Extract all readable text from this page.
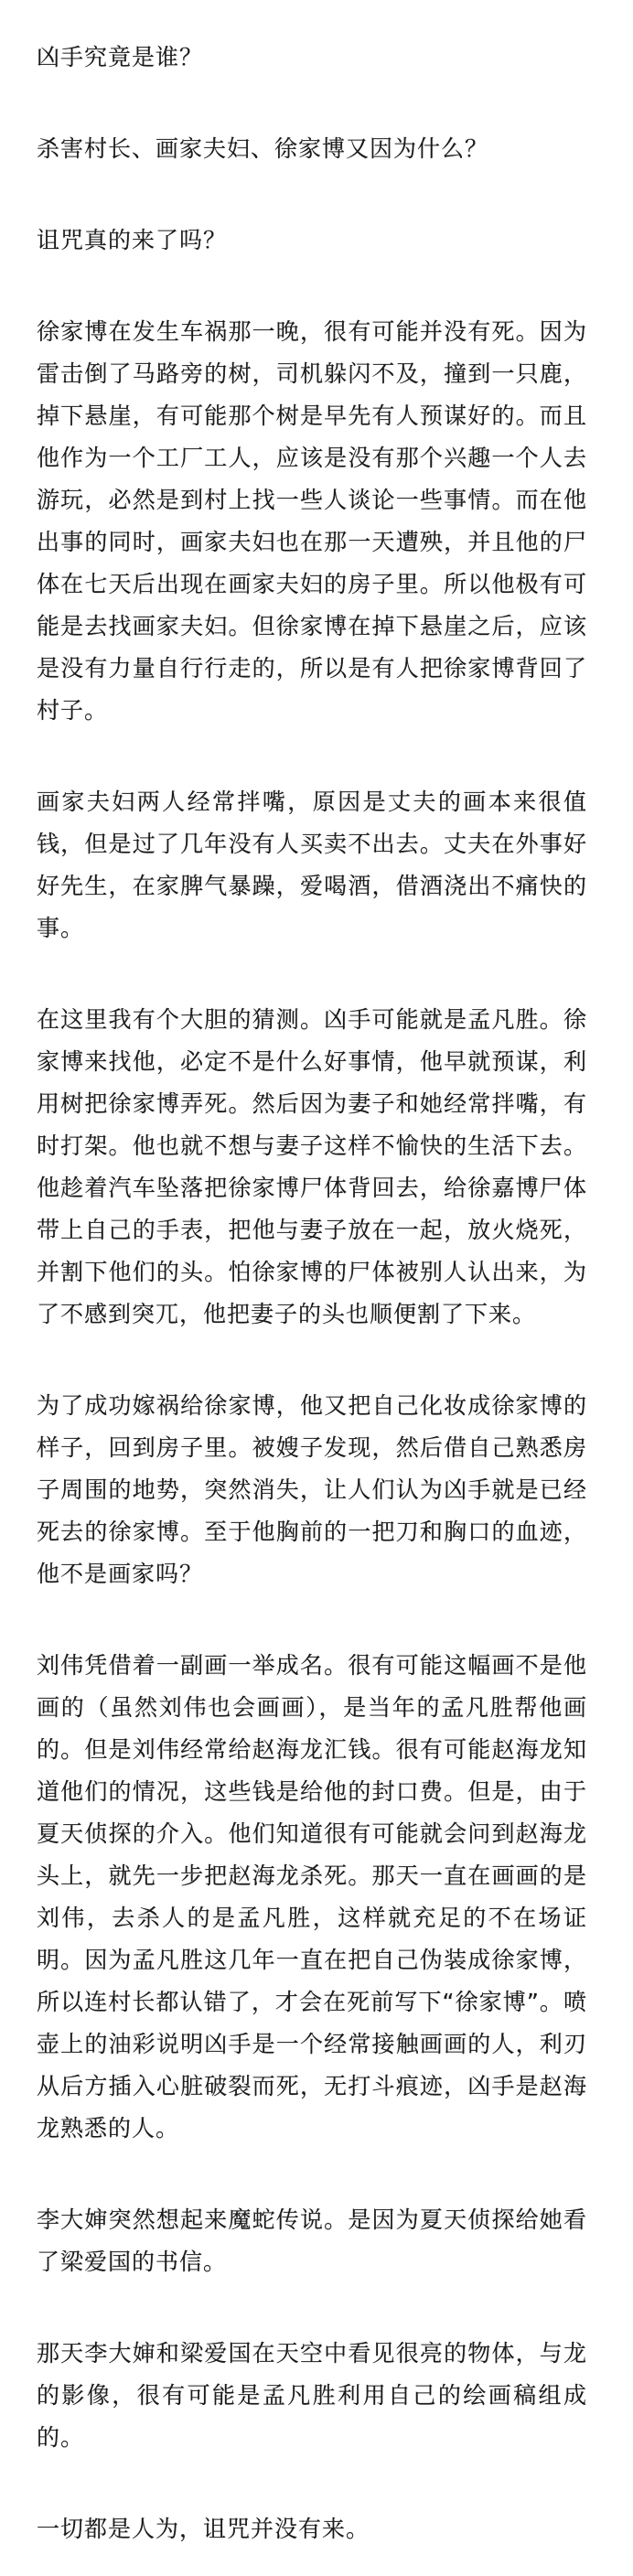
凶手究竟是谁？

杀害村长、画家夫妇、徐家博又因为什么？

诅咒真的来了吗？

徐家博在发生车祸那一晚，很有可能并没有死。因为雷击倒了马路旁的树，司机躲闪不及，撞到一只鹿，掉下悬崖，有可能那个树是早先有人预谋好的。而且他作为一个工厂工人，应该是没有那个兴趣一个人去游玩，必然是到村上找一些人谈论一些事情。而在他出事的同时，画家夫妇也在那一天遭殃，并且他的尸体在七天后出现在画家夫妇的房子里。所以他极有可能是去找画家夫妇。但徐家博在掉下悬崖之后，应该是没有力量自行行走的，所以是有人把徐家博背回了村子。

画家夫妇两人经常拌嘴，原因是丈夫的画本来很值钱，但是过了几年没有人买卖不出去。丈夫在外事好好先生，在家脾气暴躁，爱喝酒，借酒浇出不痛快的事。

在这里我有个大胆的猜测。凶手可能就是孟凡胜。徐家博来找他，必定不是什么好事情，他早就预谋，利用树把徐家博弄死。然后因为妻子和她经常拌嘴，有时打架。他也就不想与妻子这样不愉快的生活下去。他趁着汽车坠落把徐家博尸体背回去，给徐嘉博尸体带上自己的手表，把他与妻子放在一起，放火烧死，并割下他们的头。怕徐家博的尸体被别人认出来，为了不感到突兀，他把妻子的头也顺便割了下来。

为了成功嫁祸给徐家博，他又把自己化妆成徐家博的样子，回到房子里。被嫂子发现，然后借自己熟悉房子周围的地势，突然消失，让人们认为凶手就是已经死去的徐家博。至于他胸前的一把刀和胸口的血迹，他不是画家吗？

刘伟凭借着一副画一举成名。很有可能这幅画不是他画的（虽然刘伟也会画画），是当年的孟凡胜帮他画的。但是刘伟经常给赵海龙汇钱。很有可能赵海龙知道他们的情况，这些钱是给他的封口费。但是，由于夏天侦探的介入。他们知道很有可能就会问到赵海龙头上，就先一步把赵海龙杀死。那天一直在画画的是刘伟，去杀人的是孟凡胜，这样就充足的不在场证明。因为孟凡胜这几年一直在把自己伪装成徐家博，所以连村长都认错了，才会在死前写下“徐家博”。喷壶上的油彩说明凶手是一个经常接触画画的人，利刃从后方插入心脏破裂而死，无打斗痕迹，凶手是赵海龙熟悉的人。

李大婶突然想起来魔蛇传说。是因为夏天侦探给她看了梁爱国的书信。

那天李大婶和梁爱国在天空中看见很亮的物体，与龙的影像，很有可能是孟凡胜利用自己的绘画稿组成的。

一切都是人为，诅咒并没有来。
